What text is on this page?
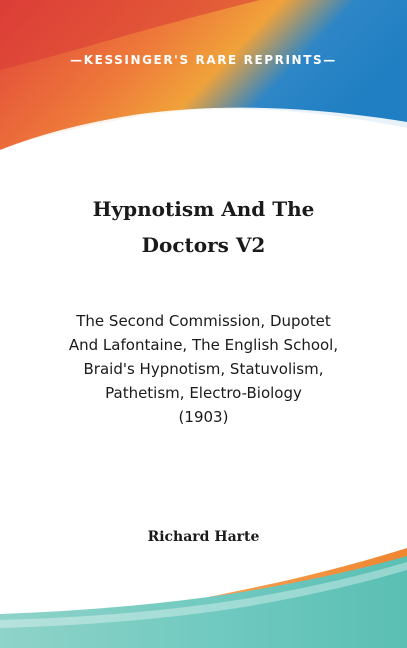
—KESSINGER'S RARE REPRINTS—
Hypnotism And The
Doctors V2
The Second Commission, Dupotet
And Lafontaine, The English School,
Braid's Hypnotism, Statuvolism,
Pathetism, Electro-Biology
(1903)
Richard Harte
